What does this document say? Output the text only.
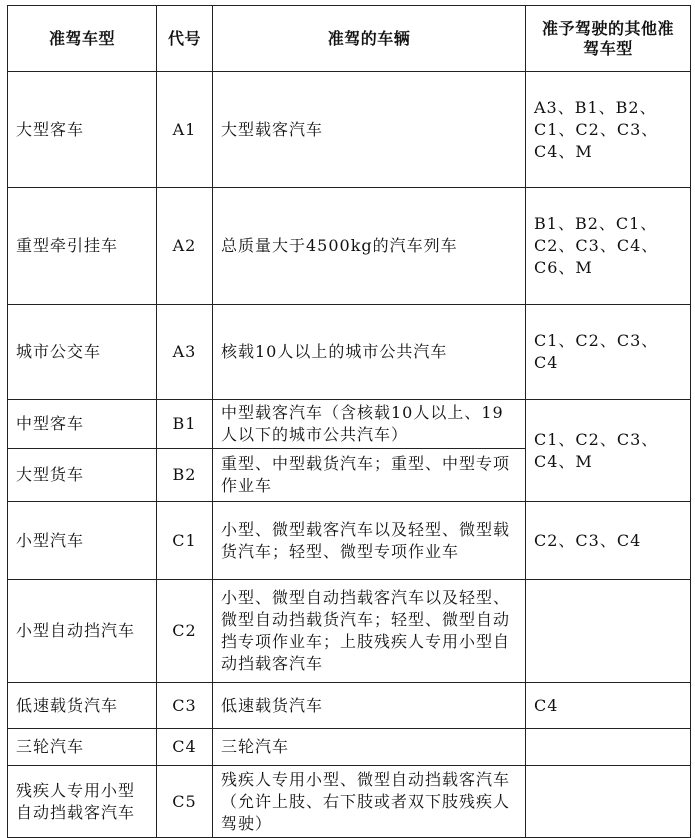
准驾车型	代号	准驾的车辆	准予驾驶的其他准驾车型
大型客车	A1	大型载客汽车	A3、B1、B2、C1、C2、C3、C4、M
重型牵引挂车	A2	总质量大于4500kg的汽车列车	B1、B2、C1、C2、C3、C4、C6、M
城市公交车	A3	核载10人以上的城市公共汽车	C1、C2、C3、C4
中型客车	B1	中型载客汽车（含核载10人以上、19人以下的城市公共汽车）	C1、C2、C3、C4、M
大型货车	B2	重型、中型载货汽车；重型、中型专项作业车	
小型汽车	C1	小型、微型载客汽车以及轻型、微型载货汽车；轻型、微型专项作业车	C2、C3、C4
小型自动挡汽车	C2	小型、微型自动挡载客汽车以及轻型、微型自动挡载货汽车；轻型、微型自动挡专项作业车；上肢残疾人专用小型自动挡载客汽车	
低速载货汽车	C3	低速载货汽车	C4
三轮汽车	C4	三轮汽车	
残疾人专用小型自动挡载客汽车	C5	残疾人专用小型、微型自动挡载客汽车（允许上肢、右下肢或者双下肢残疾人驾驶）	
